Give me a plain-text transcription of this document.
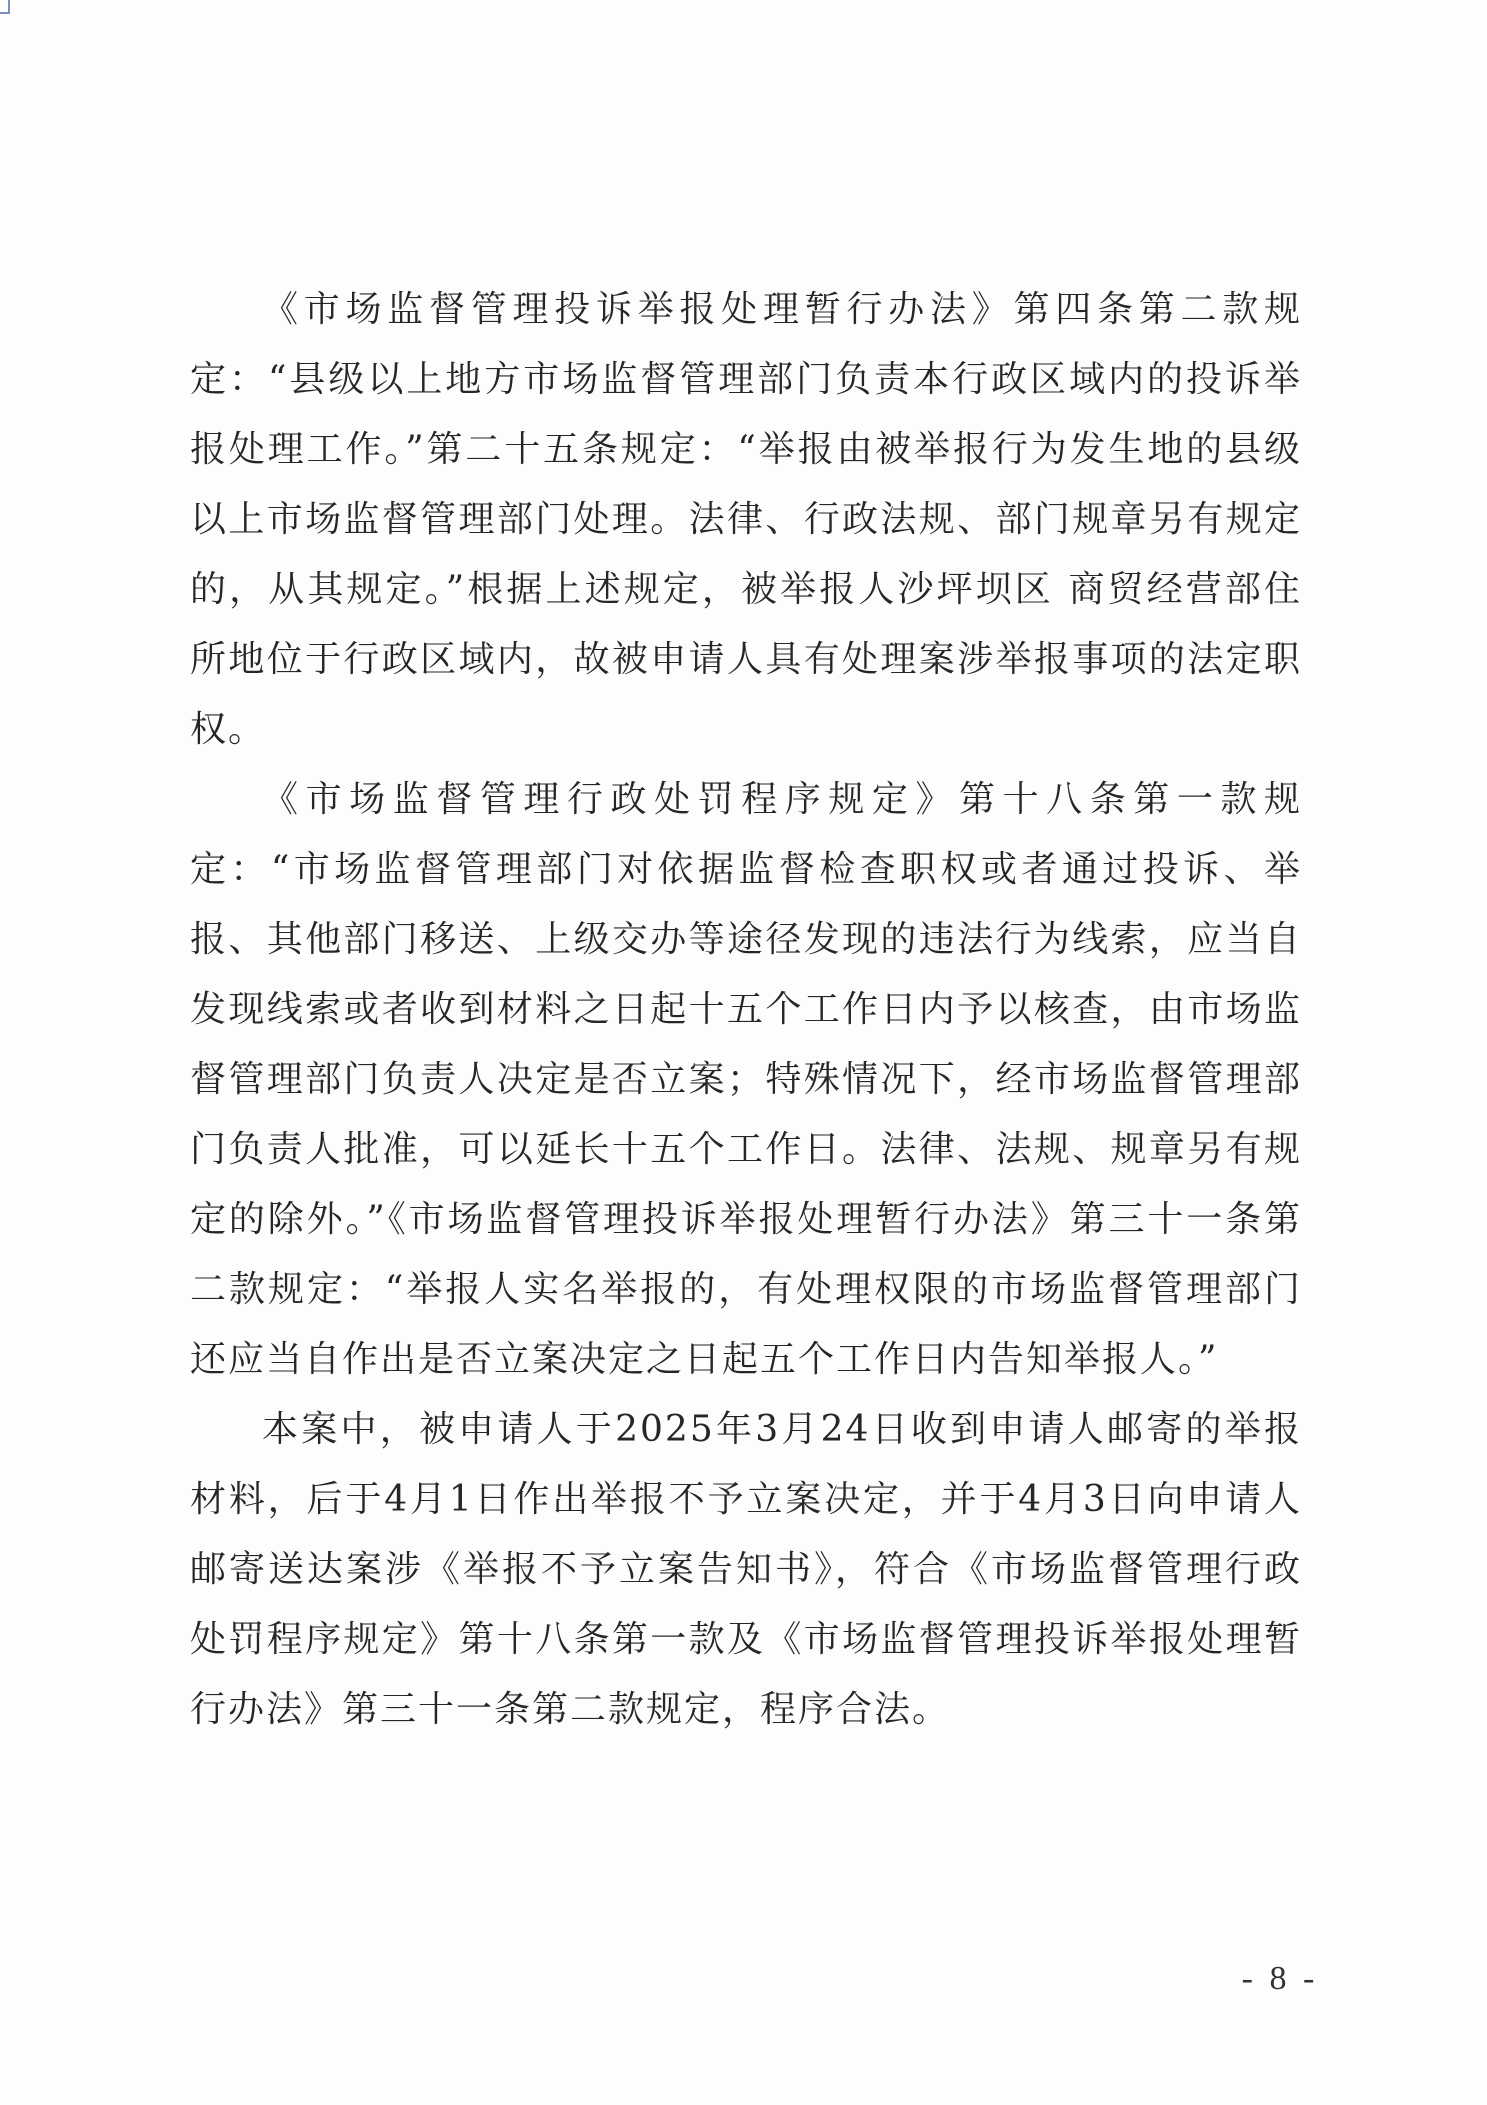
《市场监督管理投诉举报处理暂行办法》第四条第二款规定：“县级以上地方市场监督管理部门负责本行政区域内的投诉举报处理工作。”第二十五条规定：“举报由被举报行为发生地的县级以上市场监督管理部门处理。法律、行政法规、部门规章另有规定的，从其规定。”根据上述规定，被举报人沙坪坝区 商贸经营部住所地位于行政区域内，故被申请人具有处理案涉举报事项的法定职权。

《市场监督管理行政处罚程序规定》第十八条第一款规定：“市场监督管理部门对依据监督检查职权或者通过投诉、举报、其他部门移送、上级交办等途径发现的违法行为线索，应当自发现线索或者收到材料之日起十五个工作日内予以核查，由市场监督管理部门负责人决定是否立案；特殊情况下，经市场监督管理部门负责人批准，可以延长十五个工作日。法律、法规、规章另有规定的除外。”《市场监督管理投诉举报处理暂行办法》第三十一条第二款规定：“举报人实名举报的，有处理权限的市场监督管理部门还应当自作出是否立案决定之日起五个工作日内告知举报人。”

本案中，被申请人于2025年3月24日收到申请人邮寄的举报材料，后于4月1日作出举报不予立案决定，并于4月3日向申请人邮寄送达案涉《举报不予立案告知书》，符合《市场监督管理行政处罚程序规定》第十八条第一款及《市场监督管理投诉举报处理暂行办法》第三十一条第二款规定，程序合法。

- 8 -
